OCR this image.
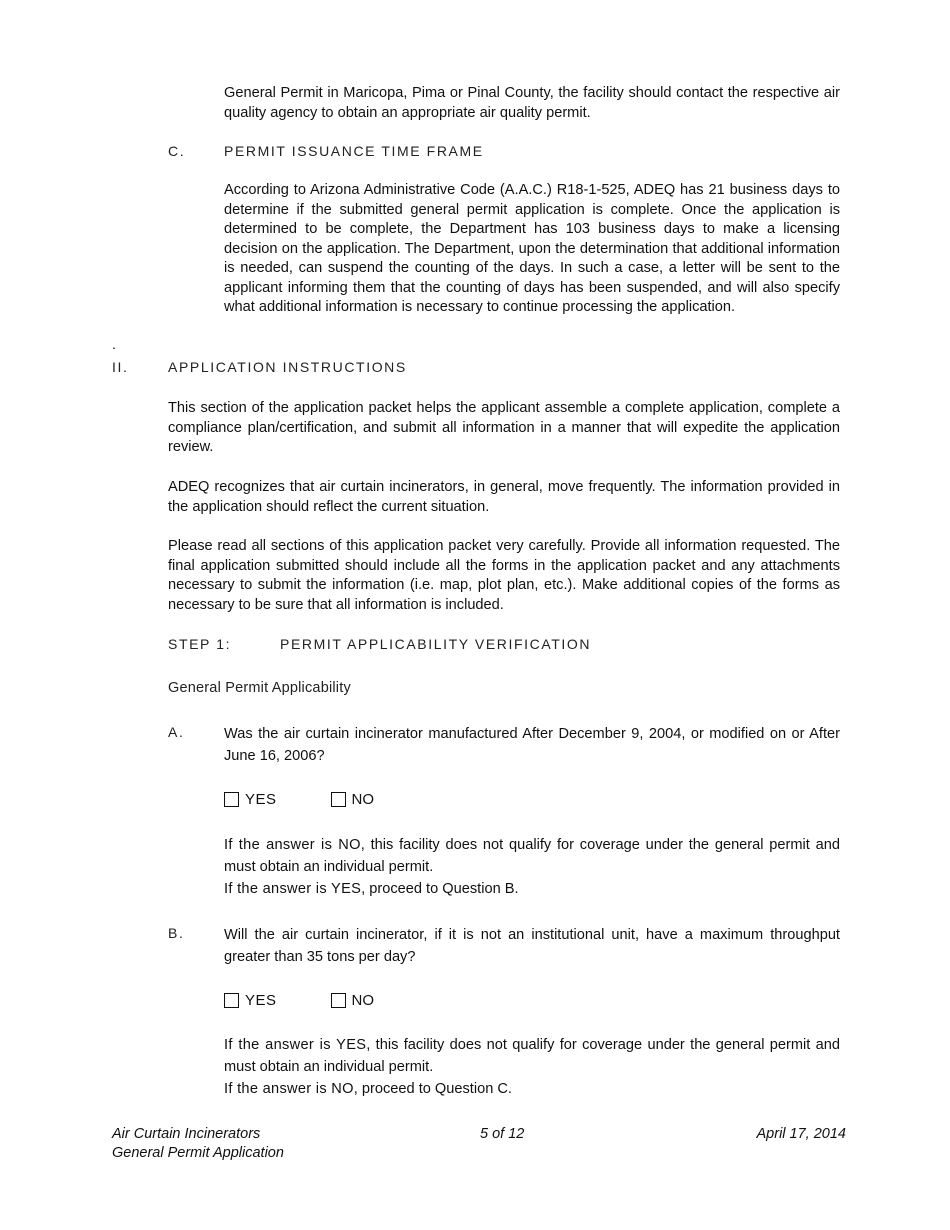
General Permit in Maricopa, Pima or Pinal County, the facility should contact the respective air quality agency to obtain an appropriate air quality permit.

C.	PERMIT ISSUANCE TIME FRAME

According to Arizona Administrative Code (A.A.C.) R18-1-525, ADEQ has 21 business days to determine if the submitted general permit application is complete. Once the application is determined to be complete, the Department has 103 business days to make a licensing decision on the application. The Department, upon the determination that additional information is needed, can suspend the counting of the days. In such a case, a letter will be sent to the applicant informing them that the counting of days has been suspended, and will also specify what additional information is necessary to continue processing the application.

.
II.	APPLICATION INSTRUCTIONS

This section of the application packet helps the applicant assemble a complete application, complete a compliance plan/certification, and submit all information in a manner that will expedite the application review.

ADEQ recognizes that air curtain incinerators, in general, move frequently. The information provided in the application should reflect the current situation.

Please read all sections of this application packet very carefully. Provide all information requested. The final application submitted should include all the forms in the application packet and any attachments necessary to submit the information (i.e. map, plot plan, etc.). Make additional copies of the forms as necessary to be sure that all information is included.

STEP 1:	PERMIT APPLICABILITY VERIFICATION
General Permit Applicability
A.	Was the air curtain incinerator manufactured After December 9, 2004, or modified on or After June 16, 2006?

YES	NO
If the answer is NO, this facility does not qualify for coverage under the general permit and must obtain an individual permit.
If the answer is YES, proceed to Question B.
B.	Will the air curtain incinerator, if it is not an institutional unit, have a maximum throughput greater than 35 tons per day?

YES	NO
If the answer is YES, this facility does not qualify for coverage under the general permit and must obtain an individual permit.
If the answer is NO, proceed to Question C.
Air Curtain Incinerators
General Permit Application
5 of 12	April 17, 2014
